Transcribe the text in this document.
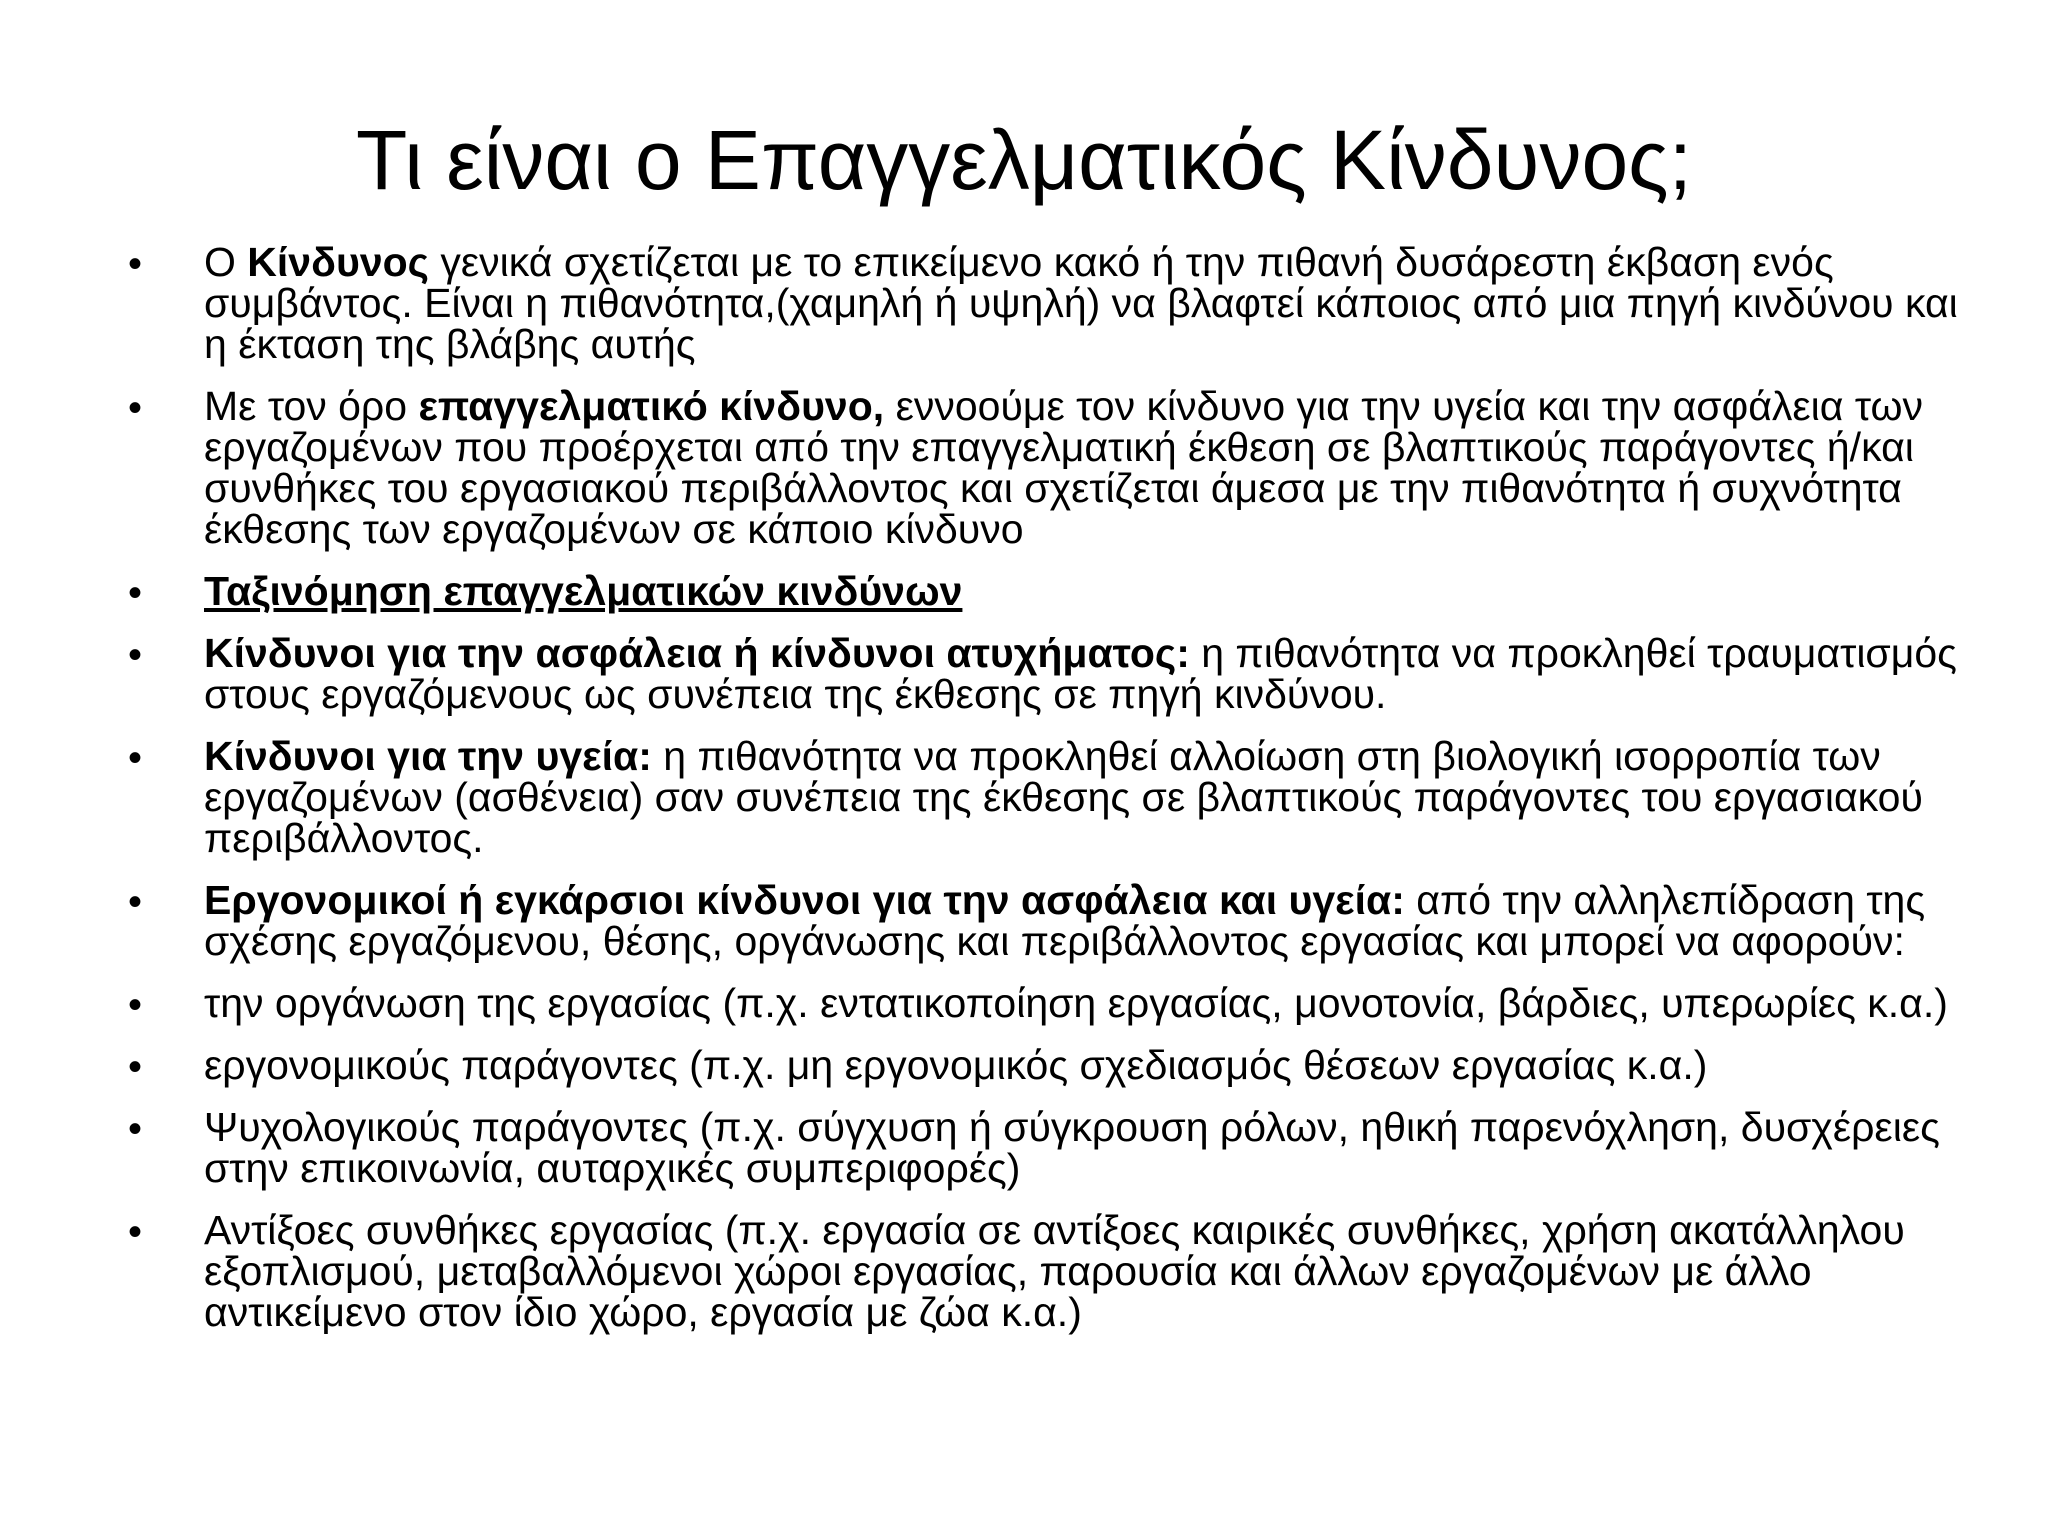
Τι είναι ο Επαγγελματικός Κίνδυνος;
• Ο Κίνδυνος γενικά σχετίζεται με το επικείμενο κακό ή την πιθανή δυσάρεστη έκβαση ενός συμβάντος. Είναι η πιθανότητα,(χαμηλή ή υψηλή) να βλαφτεί κάποιος από μια πηγή κινδύνου και η έκταση της βλάβης αυτής
• Με τον όρο επαγγελματικό κίνδυνο, εννοούμε τον κίνδυνο για την υγεία και την ασφάλεια των εργαζομένων που προέρχεται από την επαγγελματική έκθεση σε βλαπτικούς παράγοντες ή/και συνθήκες του εργασιακού περιβάλλοντος και σχετίζεται άμεσα με την πιθανότητα ή συχνότητα έκθεσης των εργαζομένων σε κάποιο κίνδυνο
• Ταξινόμηση επαγγελματικών κινδύνων
• Κίνδυνοι για την ασφάλεια ή κίνδυνοι ατυχήματος: η πιθανότητα να προκληθεί τραυματισμός στους εργαζόμενους ως συνέπεια της έκθεσης σε πηγή κινδύνου.
• Κίνδυνοι για την υγεία: η πιθανότητα να προκληθεί αλλοίωση στη βιολογική ισορροπία των εργαζομένων (ασθένεια) σαν συνέπεια της έκθεσης σε βλαπτικούς παράγοντες του εργασιακού περιβάλλοντος.
• Εργονομικοί ή εγκάρσιοι κίνδυνοι για την ασφάλεια και υγεία: από την αλληλεπίδραση της σχέσης εργαζόμενου, θέσης, οργάνωσης και περιβάλλοντος εργασίας και μπορεί να αφορούν:
• την οργάνωση της εργασίας (π.χ. εντατικοποίηση εργασίας, μονοτονία, βάρδιες, υπερωρίες κ.α.)
• εργονομικούς παράγοντες (π.χ. μη εργονομικός σχεδιασμός θέσεων εργασίας κ.α.)
• Ψυχολογικούς παράγοντες (π.χ. σύγχυση ή σύγκρουση ρόλων, ηθική παρενόχληση, δυσχέρειες στην επικοινωνία, αυταρχικές συμπεριφορές)
• Αντίξοες συνθήκες εργασίας (π.χ. εργασία σε αντίξοες καιρικές συνθήκες, χρήση ακατάλληλου εξοπλισμού, μεταβαλλόμενοι χώροι εργασίας, παρουσία και άλλων εργαζομένων με άλλο αντικείμενο στον ίδιο χώρο, εργασία με ζώα κ.α.)
